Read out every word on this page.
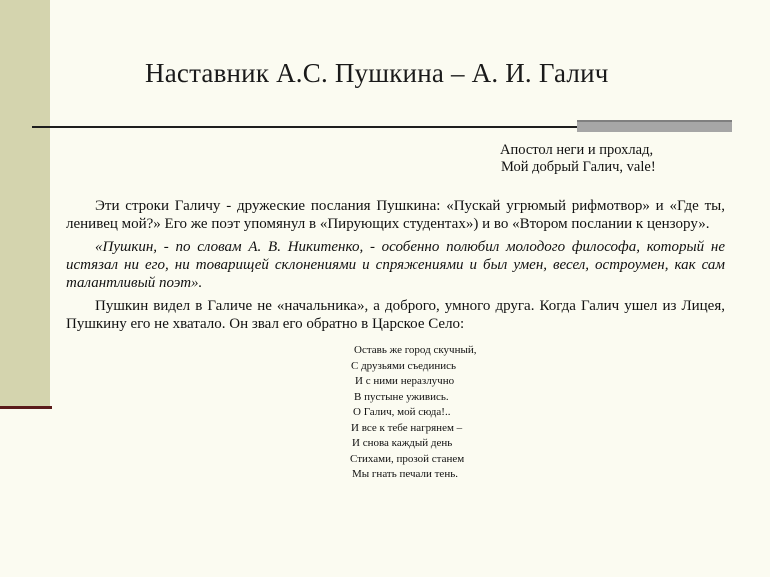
Наставник А.С. Пушкина – А. И. Галич
Апостол неги и прохлад,
Мой добрый Галич, vale!

Эти строки Галичу - дружеские послания Пушкина: «Пускай угрюмый рифмотвор» и «Где ты, ленивец мой?» Его же поэт упомянул в «Пирующих студентах») и во «Втором послании к цензору».

«Пушкин, - по словам А. В. Никитенко, - особенно полюбил молодого философа, который не истязал ни его, ни товарищей склонениями и спряжениями и был умен, весел, остроумен, как сам талантливый поэт».

Пушкин видел в Галиче не «начальника», а доброго, умного друга. Когда Галич ушел из Лицея, Пушкину его не хватало. Он звал его обратно в Царское Село:

Оставь же город скучный,
С друзьями съединись
И с ними неразлучно
В пустыне уживись.
О Галич, мой сюда!..
И все к тебе нагрянем –
И снова каждый день
Стихами, прозой станем
Мы гнать печали тень.
